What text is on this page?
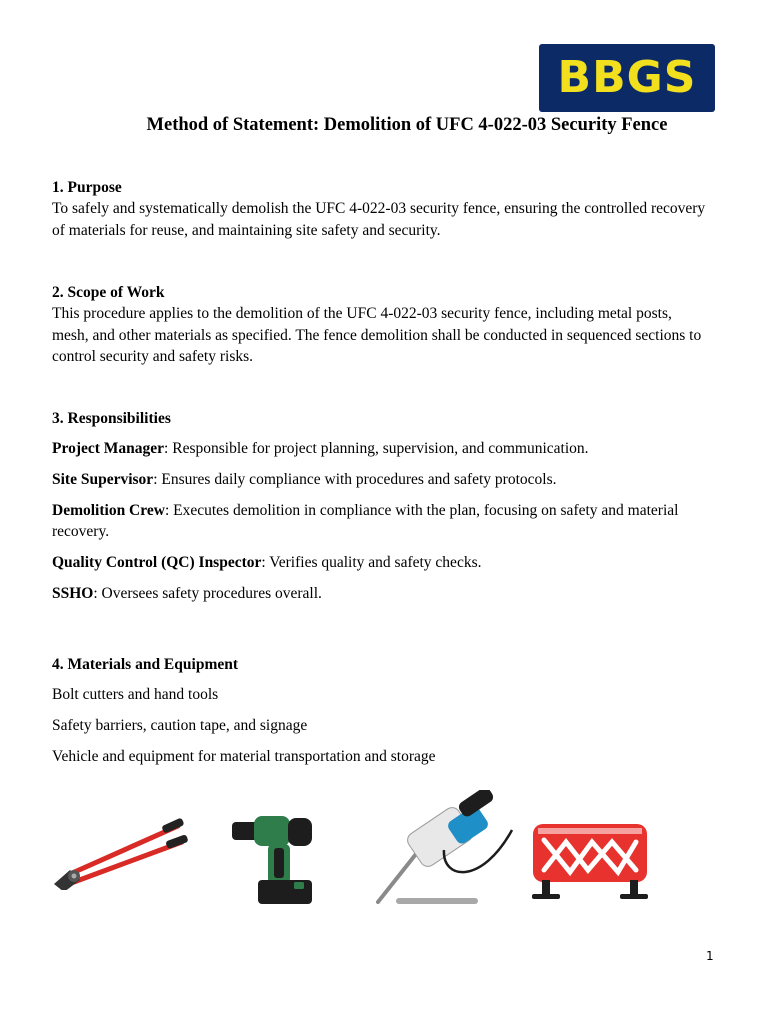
BBGS
Method of Statement: Demolition of UFC 4-022-03 Security Fence

1. Purpose

To safely and systematically demolish the UFC 4-022-03 security fence, ensuring the controlled recovery of materials for reuse, and maintaining site safety and security.

2. Scope of Work

This procedure applies to the demolition of the UFC 4-022-03 security fence, including metal posts, mesh, and other materials as specified. The fence demolition shall be conducted in sequenced sections to control security and safety risks.

3. Responsibilities

Project Manager: Responsible for project planning, supervision, and communication.

Site Supervisor: Ensures daily compliance with procedures and safety protocols.

Demolition Crew: Executes demolition in compliance with the plan, focusing on safety and material recovery.

Quality Control (QC) Inspector: Verifies quality and safety checks.

SSHO: Oversees safety procedures overall.

4. Materials and Equipment

Bolt cutters and hand tools

Safety barriers, caution tape, and signage

Vehicle and equipment for material transportation and storage

1
